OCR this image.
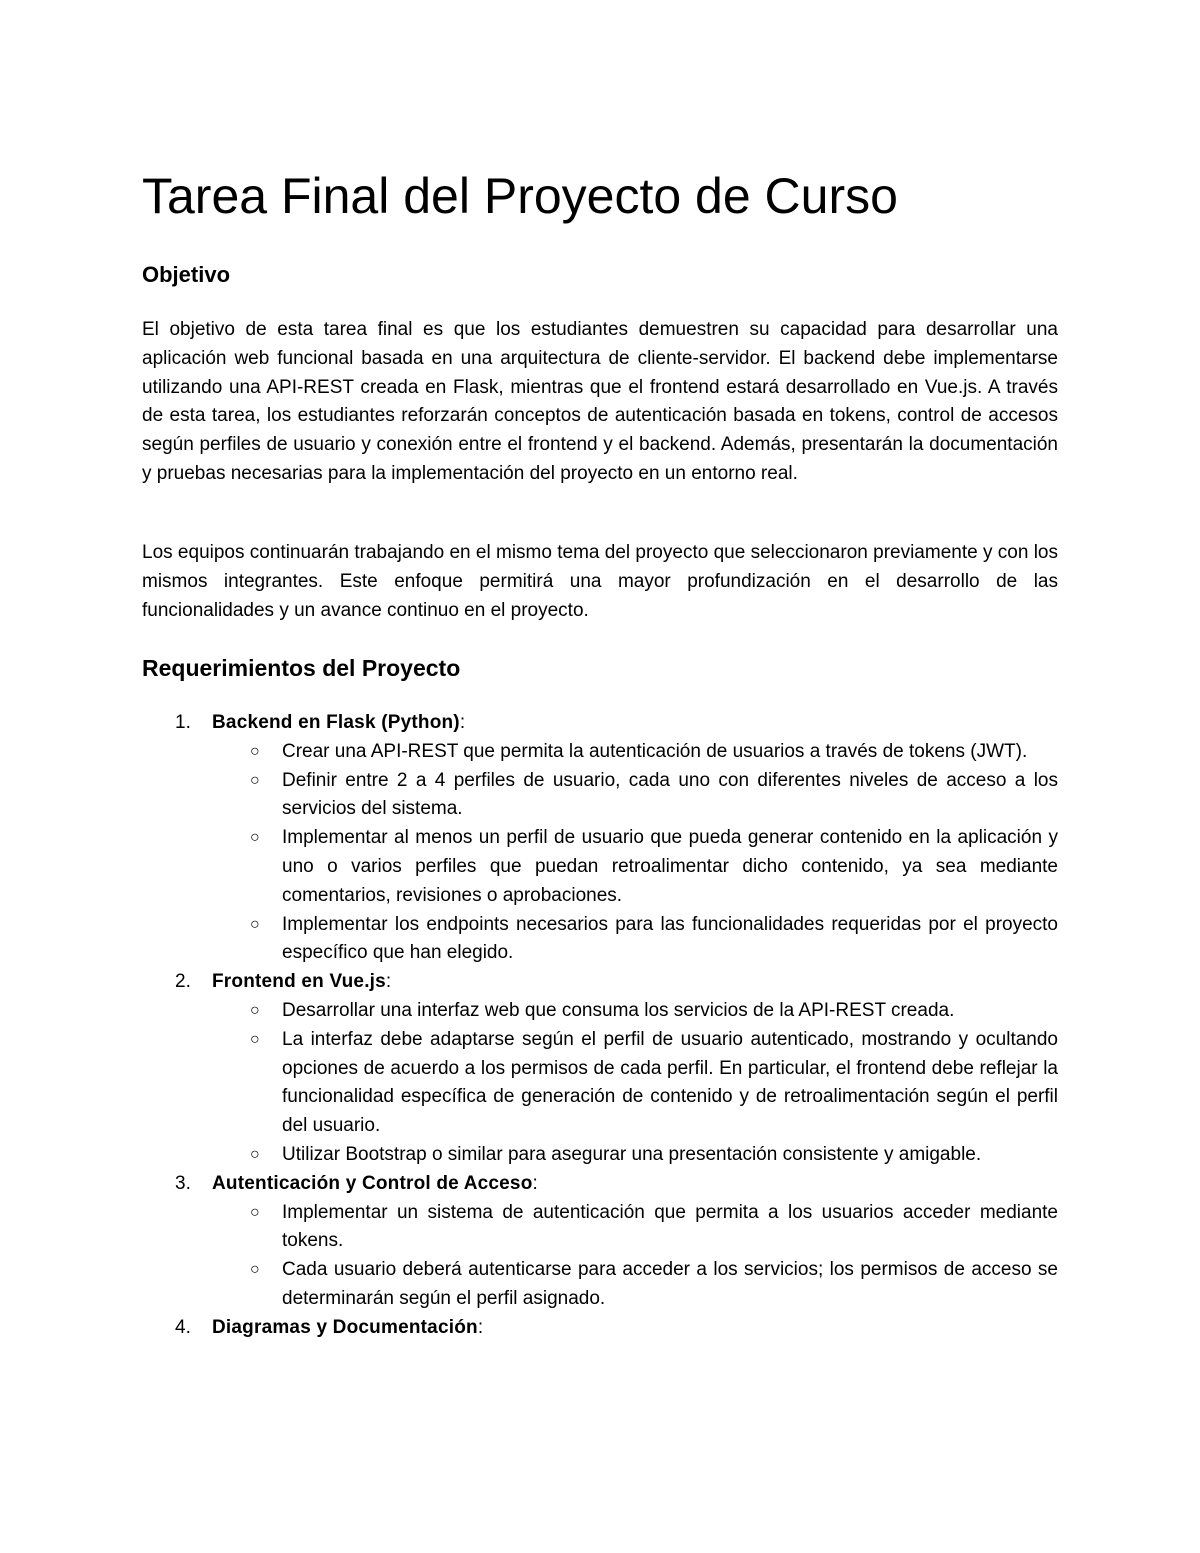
Tarea Final del Proyecto de Curso
Objetivo

El objetivo de esta tarea final es que los estudiantes demuestren su capacidad para desarrollar una aplicación web funcional basada en una arquitectura de cliente-servidor. El backend debe implementarse utilizando una API-REST creada en Flask, mientras que el frontend estará desarrollado en Vue.js. A través de esta tarea, los estudiantes reforzarán conceptos de autenticación basada en tokens, control de accesos según perfiles de usuario y conexión entre el frontend y el backend. Además, presentarán la documentación y pruebas necesarias para la implementación del proyecto en un entorno real.

Los equipos continuarán trabajando en el mismo tema del proyecto que seleccionaron previamente y con los mismos integrantes. Este enfoque permitirá una mayor profundización en el desarrollo de las funcionalidades y un avance continuo en el proyecto.

Requerimientos del Proyecto
1. Backend en Flask (Python):
○ Crear una API-REST que permita la autenticación de usuarios a través de tokens (JWT).
○ Definir entre 2 a 4 perfiles de usuario, cada uno con diferentes niveles de acceso a los servicios del sistema.
○ Implementar al menos un perfil de usuario que pueda generar contenido en la aplicación y uno o varios perfiles que puedan retroalimentar dicho contenido, ya sea mediante comentarios, revisiones o aprobaciones.
○ Implementar los endpoints necesarios para las funcionalidades requeridas por el proyecto específico que han elegido.
2. Frontend en Vue.js:
○ Desarrollar una interfaz web que consuma los servicios de la API-REST creada.
○ La interfaz debe adaptarse según el perfil de usuario autenticado, mostrando y ocultando opciones de acuerdo a los permisos de cada perfil. En particular, el frontend debe reflejar la funcionalidad específica de generación de contenido y de retroalimentación según el perfil del usuario.
○ Utilizar Bootstrap o similar para asegurar una presentación consistente y amigable.
3. Autenticación y Control de Acceso:
○ Implementar un sistema de autenticación que permita a los usuarios acceder mediante tokens.
○ Cada usuario deberá autenticarse para acceder a los servicios; los permisos de acceso se determinarán según el perfil asignado.
4. Diagramas y Documentación:
